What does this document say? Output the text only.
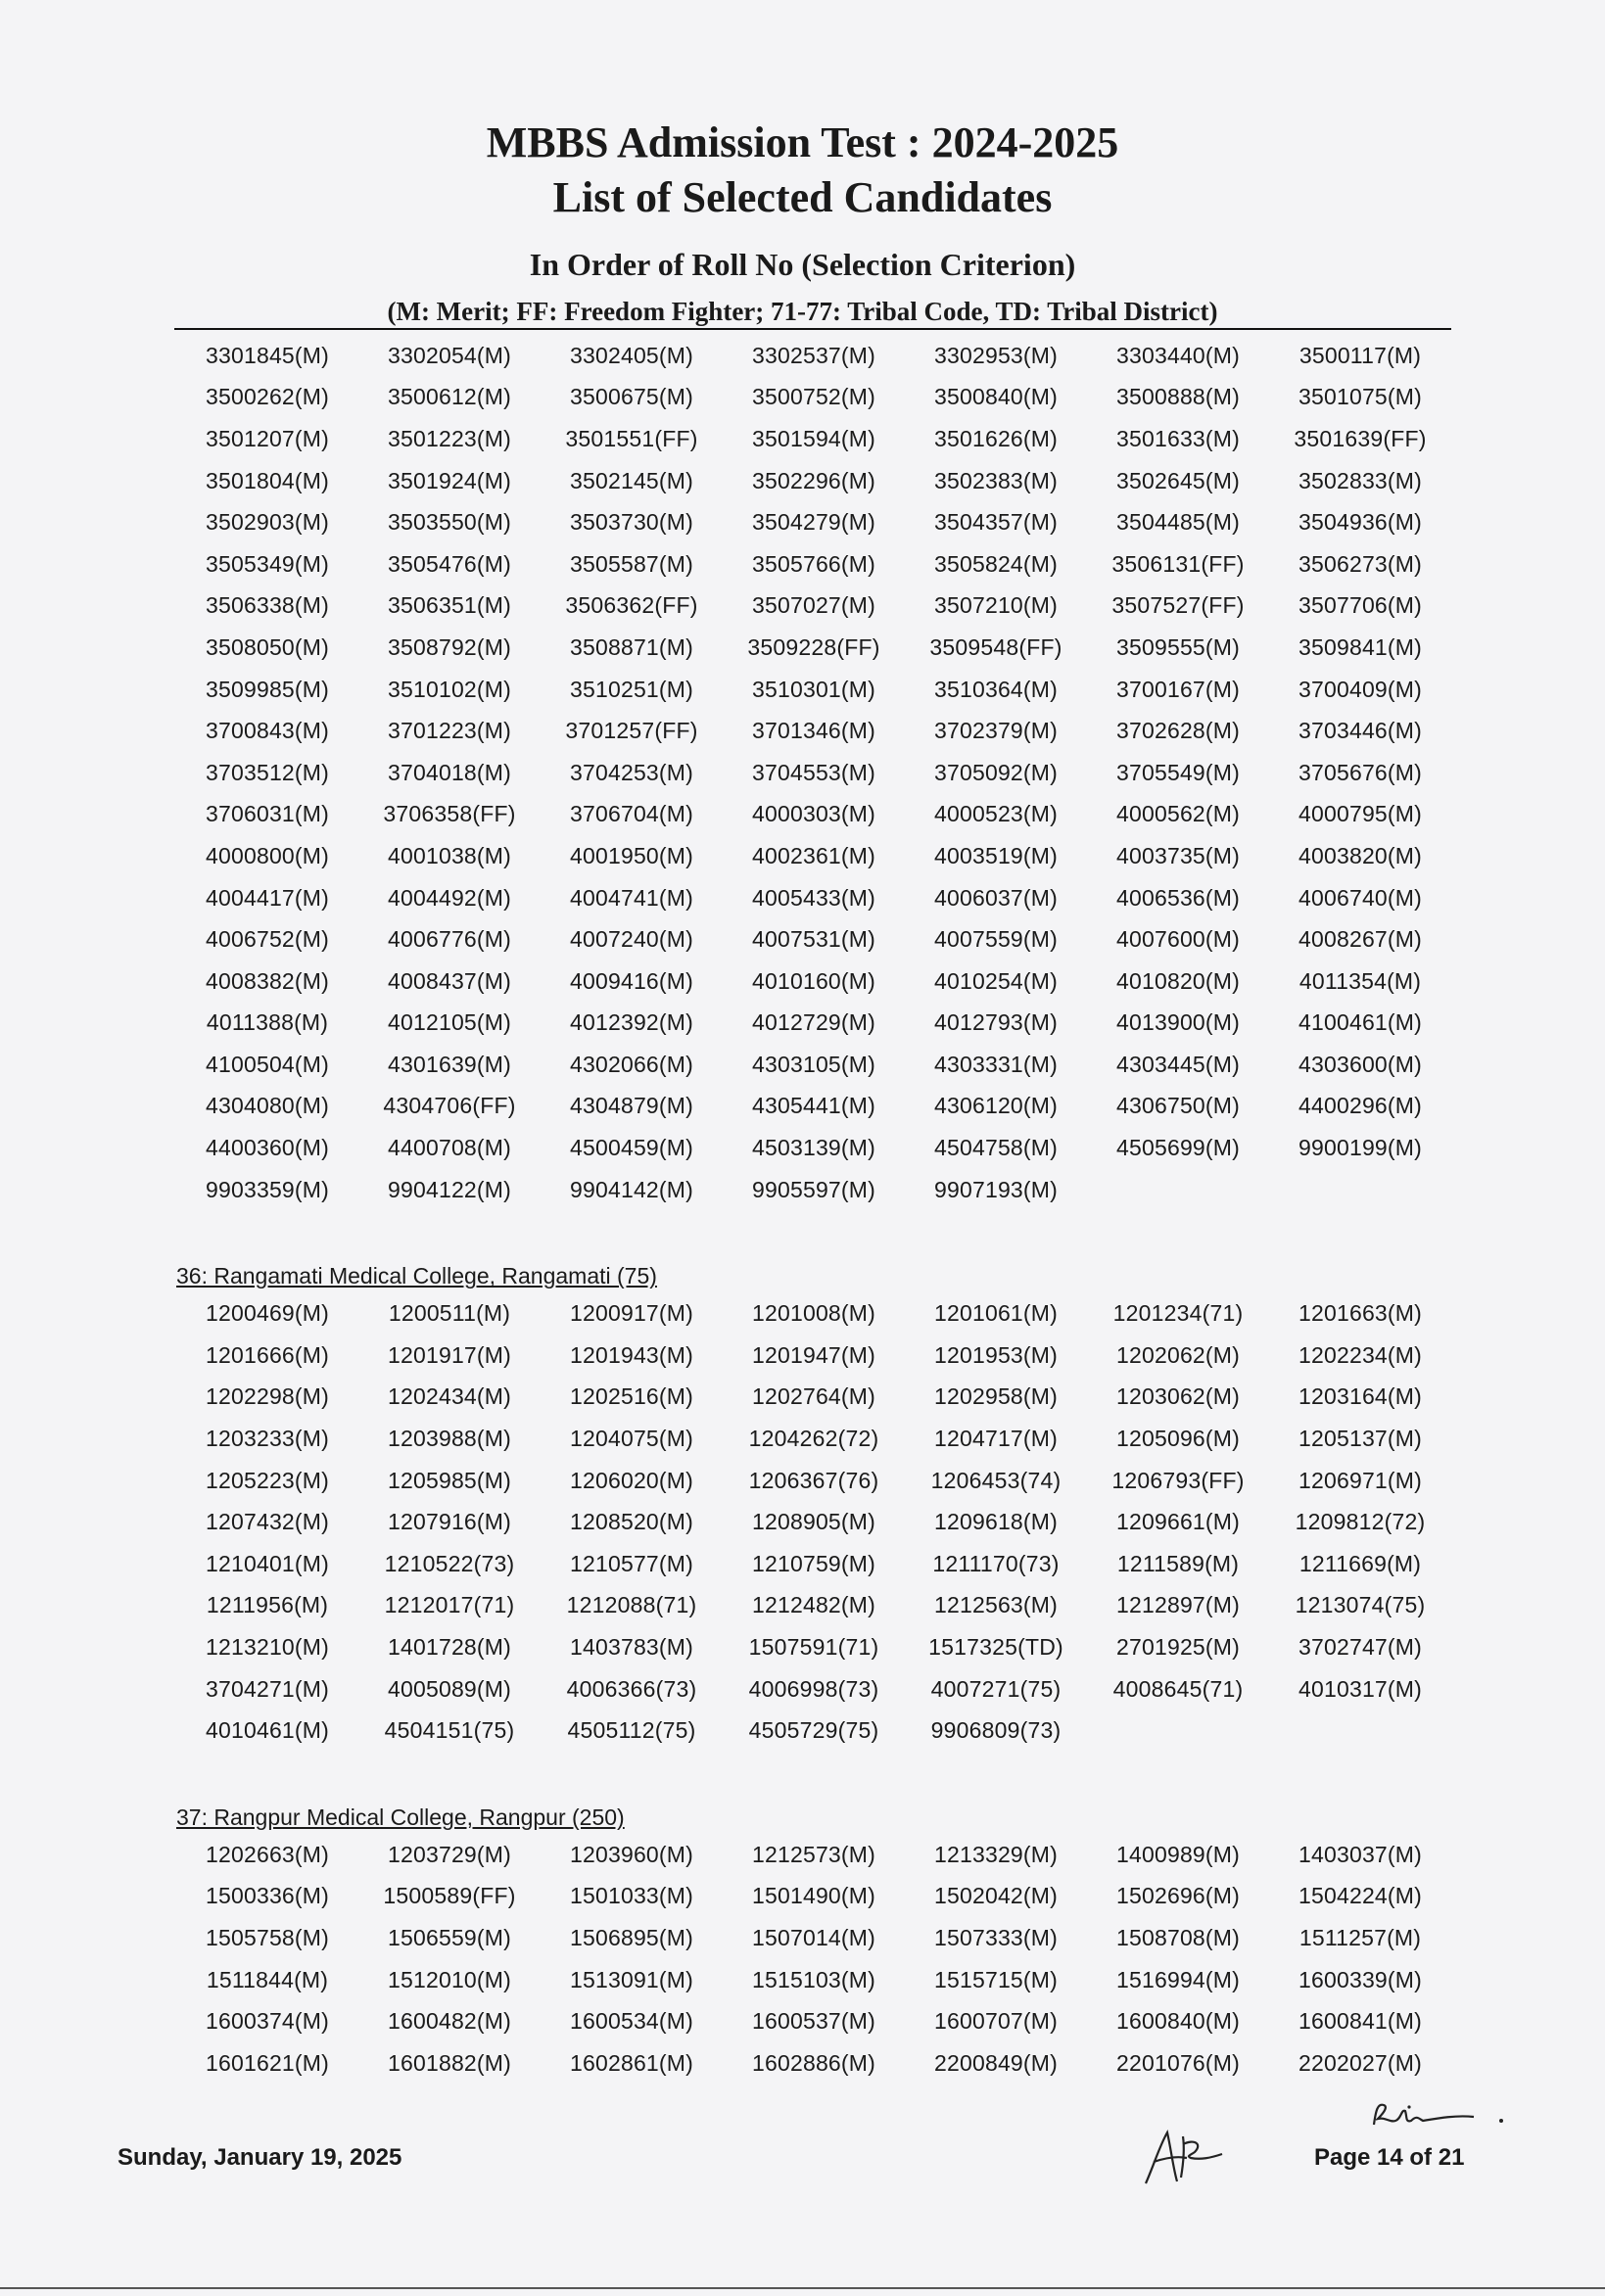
MBBS Admission Test : 2024-2025
List of Selected Candidates
In Order of Roll No (Selection Criterion)
(M: Merit; FF: Freedom Fighter; 71-77: Tribal Code, TD: Tribal District)
3301845(M)	3302054(M)	3302405(M)	3302537(M)	3302953(M)	3303440(M)	3500117(M)
3500262(M)	3500612(M)	3500675(M)	3500752(M)	3500840(M)	3500888(M)	3501075(M)
3501207(M)	3501223(M)	3501551(FF)	3501594(M)	3501626(M)	3501633(M)	3501639(FF)
3501804(M)	3501924(M)	3502145(M)	3502296(M)	3502383(M)	3502645(M)	3502833(M)
3502903(M)	3503550(M)	3503730(M)	3504279(M)	3504357(M)	3504485(M)	3504936(M)
3505349(M)	3505476(M)	3505587(M)	3505766(M)	3505824(M)	3506131(FF)	3506273(M)
3506338(M)	3506351(M)	3506362(FF)	3507027(M)	3507210(M)	3507527(FF)	3507706(M)
3508050(M)	3508792(M)	3508871(M)	3509228(FF)	3509548(FF)	3509555(M)	3509841(M)
3509985(M)	3510102(M)	3510251(M)	3510301(M)	3510364(M)	3700167(M)	3700409(M)
3700843(M)	3701223(M)	3701257(FF)	3701346(M)	3702379(M)	3702628(M)	3703446(M)
3703512(M)	3704018(M)	3704253(M)	3704553(M)	3705092(M)	3705549(M)	3705676(M)
3706031(M)	3706358(FF)	3706704(M)	4000303(M)	4000523(M)	4000562(M)	4000795(M)
4000800(M)	4001038(M)	4001950(M)	4002361(M)	4003519(M)	4003735(M)	4003820(M)
4004417(M)	4004492(M)	4004741(M)	4005433(M)	4006037(M)	4006536(M)	4006740(M)
4006752(M)	4006776(M)	4007240(M)	4007531(M)	4007559(M)	4007600(M)	4008267(M)
4008382(M)	4008437(M)	4009416(M)	4010160(M)	4010254(M)	4010820(M)	4011354(M)
4011388(M)	4012105(M)	4012392(M)	4012729(M)	4012793(M)	4013900(M)	4100461(M)
4100504(M)	4301639(M)	4302066(M)	4303105(M)	4303331(M)	4303445(M)	4303600(M)
4304080(M)	4304706(FF)	4304879(M)	4305441(M)	4306120(M)	4306750(M)	4400296(M)
4400360(M)	4400708(M)	4500459(M)	4503139(M)	4504758(M)	4505699(M)	9900199(M)
9903359(M)	9904122(M)	9904142(M)	9905597(M)	9907193(M)
36: Rangamati Medical College, Rangamati (75)
1200469(M)	1200511(M)	1200917(M)	1201008(M)	1201061(M)	1201234(71)	1201663(M)
1201666(M)	1201917(M)	1201943(M)	1201947(M)	1201953(M)	1202062(M)	1202234(M)
1202298(M)	1202434(M)	1202516(M)	1202764(M)	1202958(M)	1203062(M)	1203164(M)
1203233(M)	1203988(M)	1204075(M)	1204262(72)	1204717(M)	1205096(M)	1205137(M)
1205223(M)	1205985(M)	1206020(M)	1206367(76)	1206453(74)	1206793(FF)	1206971(M)
1207432(M)	1207916(M)	1208520(M)	1208905(M)	1209618(M)	1209661(M)	1209812(72)
1210401(M)	1210522(73)	1210577(M)	1210759(M)	1211170(73)	1211589(M)	1211669(M)
1211956(M)	1212017(71)	1212088(71)	1212482(M)	1212563(M)	1212897(M)	1213074(75)
1213210(M)	1401728(M)	1403783(M)	1507591(71)	1517325(TD)	2701925(M)	3702747(M)
3704271(M)	4005089(M)	4006366(73)	4006998(73)	4007271(75)	4008645(71)	4010317(M)
4010461(M)	4504151(75)	4505112(75)	4505729(75)	9906809(73)
37: Rangpur Medical College, Rangpur (250)
1202663(M)	1203729(M)	1203960(M)	1212573(M)	1213329(M)	1400989(M)	1403037(M)
1500336(M)	1500589(FF)	1501033(M)	1501490(M)	1502042(M)	1502696(M)	1504224(M)
1505758(M)	1506559(M)	1506895(M)	1507014(M)	1507333(M)	1508708(M)	1511257(M)
1511844(M)	1512010(M)	1513091(M)	1515103(M)	1515715(M)	1516994(M)	1600339(M)
1600374(M)	1600482(M)	1600534(M)	1600537(M)	1600707(M)	1600840(M)	1600841(M)
1601621(M)	1601882(M)	1602861(M)	1602886(M)	2200849(M)	2201076(M)	2202027(M)
Sunday, January 19, 2025	Page 14 of 21
